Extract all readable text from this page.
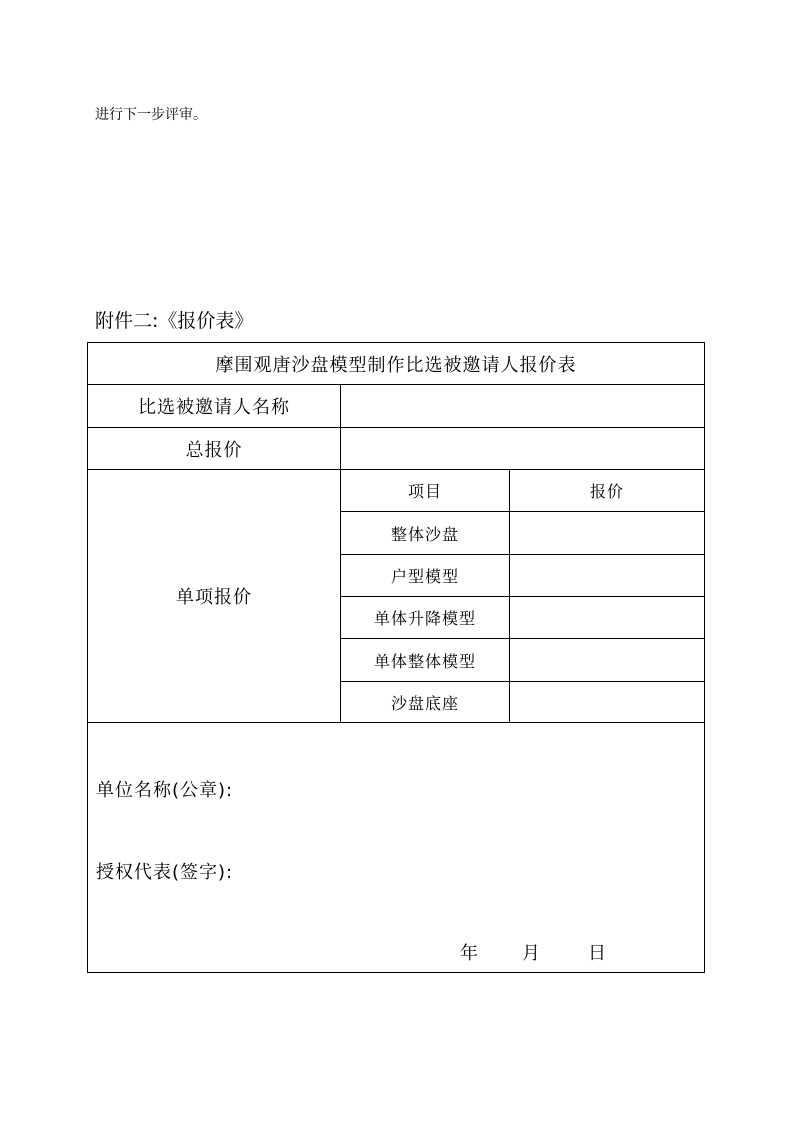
进行下一步评审。
附件二:《报价表》
摩围观唐沙盘模型制作比选被邀请人报价表
比选被邀请人名称
总报价
单项报价
项目	报价
整体沙盘
户型模型
单体升降模型
单体整体模型
沙盘底座
单位名称(公章):
授权代表(签字):
年 月	日
